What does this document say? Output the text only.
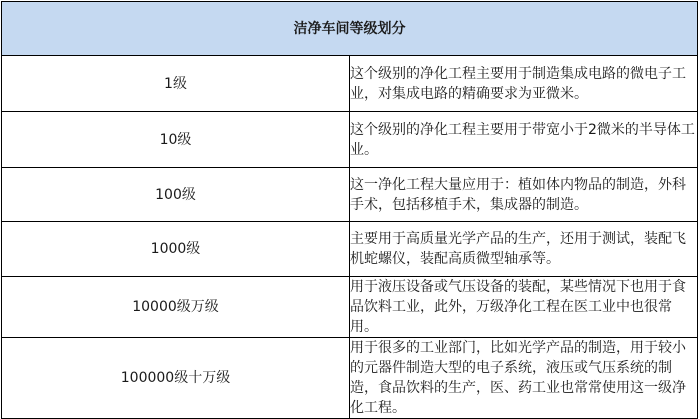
洁净车间等级划分	
1级	这个级别的净化工程主要用于制造集成电路的微电子工业，对集成电路的精确要求为亚微米。
10级	这个级别的净化工程主要用于带宽小于2微米的半导体工业。
100级	这一净化工程大量应用于：植如体内物品的制造，外科手术，包括移植手术，集成器的制造。
1000级	主要用于高质量光学产品的生产，还用于测试，装配飞机蛇螺仪，装配高质微型轴承等。
10000级万级	用于液压设备或气压设备的装配，某些情况下也用于食品饮料工业，此外，万级净化工程在医工业中也很常用。
100000级十万级	用于很多的工业部门，比如光学产品的制造，用于较小的元器件制造大型的电子系统，液压或气压系统的制造，食品饮料的生产，医、药工业也常常使用这一级净化工程。
